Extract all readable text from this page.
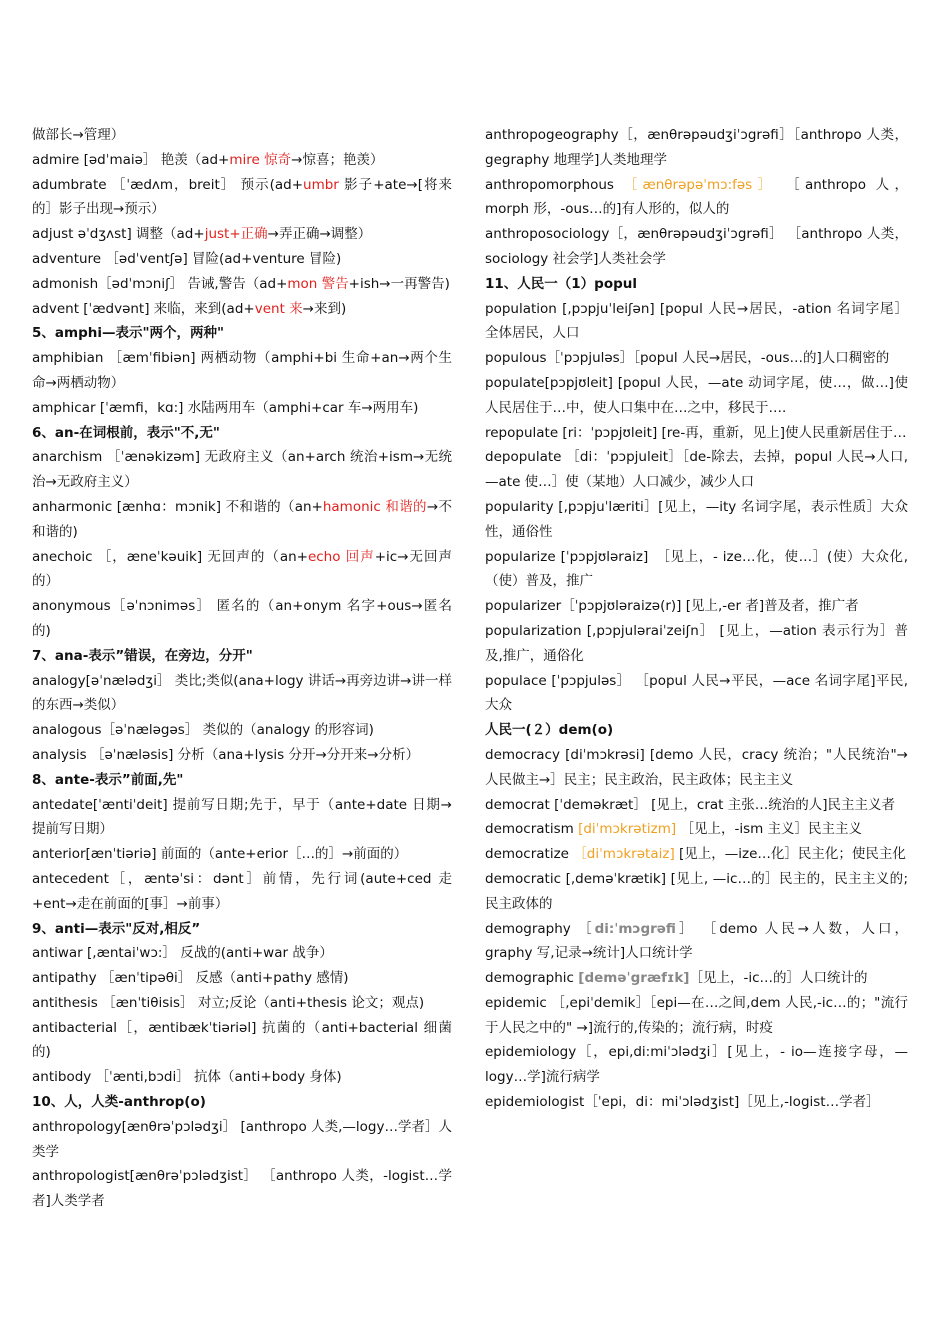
做部长→管理）

admire [ədˈmaiə］ 艳羡（ad+mire 惊奇→惊喜；艳羡）

adumbrate ［ˈædʌm，breit］ 预示(ad+umbr 影子+ate→[将来的］影子出现→预示）

adjust əˈdʒʌst] 调整（ad+just+正确→弄正确→调整）

adventure ［ədˈventʃə] 冒险(ad+venture 冒险)

admonish［ədˈmɔniʃ］ 告诫,警告（ad+mon 警告+ish→一再警告)

advent [ˈædvənt] 来临，来到(ad+vent 来→来到)

5、amphi—表示"两个，两种"

amphibian ［æmˈfibiən] 两栖动物（amphi+bi 生命+an→两个生命→两栖动物）

amphicar [ˈæmfi，kɑ:] 水陆两用车（amphi+car 车→两用车)

6、an-在词根前，表示"不,无"

anarchism ［ˈænəkizəm] 无政府主义（an+arch 统治+ism→无统治→无政府主义）

anharmonic [ænhɑ：mɔnik] 不和谐的（an+hamonic 和谐的→不和谐的)

anechoic ［，æneˈkəuik] 无回声的（an+echo 回声+ic→无回声的）

anonymous［əˈnɔniməs］ 匿名的（an+onym 名字+ous→匿名的)

7、ana-表示”错误，在旁边，分开"

analogy[əˈnælədʒi］ 类比;类似(ana+logy 讲话→再旁边讲→讲一样的东西→类似）

analogous［əˈnæləgəs］ 类似的（analogy 的形容词)

analysis ［əˈnæləsis] 分析（ana+lysis 分开→分开来→分析）

8、ante-表示”前面,先"

antedate[ˈæntiˈdeit] 提前写日期;先于，早于（ante+date 日期→提前写日期）

anterior[ænˈtiəriə] 前面的（ante+erior［…的］→前面的）

antecedent［，æntəˈsi：dənt］前情，先行词(aute+ced 走+ent→走在前面的[事］→前事）

9、anti—表示"反对,相反”

antiwar [,æntaiˈwɔ:］ 反战的(anti+war 战争）

antipathy ［ænˈtipəθi］ 反感（anti+pathy 感情)

antithesis ［ænˈtiθisis］ 对立;反论（anti+thesis 论文；观点)

antibacterial［，æntibækˈtiəriəl] 抗菌的（anti+bacterial 细菌的)

antibody ［ˈænti,bɔdi］ 抗体（anti+body 身体)

10、人，人类-anthrop(o)

anthropology[ænθrəˈpɔlədʒi］ [anthropo 人类,—logy…学者］人类学

anthropologist[ænθrəˈpɔlədʒist］ ［anthropo 人类，-logist…学者]人类学者

anthropogeography［，ænθrəpəudʒiˈɔgrəfi］［anthropo 人类，gegraphy 地理学]人类地理学

anthropomorphous ［ænθrəpəˈmɔ:fəs］ ［anthropo 人，morph 形，-ous…的]有人形的，似人的

anthroposociology［，ænθrəpəudʒiˈɔgrəfi］ ［anthropo 人类，sociology 社会学]人类社会学

11、人民一（1）popul

population [,pɔpjuˈleiʃən] [popul 人民→居民，-ation 名词字尾］全体居民，人口

populous［ˈpɔpjuləs］［popul 人民→居民，-ous…的]人口稠密的

populate[pɔpjʊleit] [popul 人民，—ate 动词字尾，使…，做…]使人民居住于…中，使人口集中在…之中，移民于….

repopulate [ri：ˈpɔpjʊleit] [re-再，重新，见上]使人民重新居住于…

depopulate ［di：ˈpɔpjuleit］［de-除去，去掉，popul 人民→人口,—ate 使…］使（某地）人口减少，减少人口

popularity [,pɔpjuˈlæriti］[见上，—ity 名词字尾，表示性质］大众性，通俗性

popularize [ˈpɔpjʊləraiz]　［见上，- ize…化，使…］(使）大众化,（使）普及，推广

popularizer［ˈpɔpjʊləraizə(r)] [见上,-er 者]普及者，推广者

popularization [,pɔpjuləraiˈzeiʃn］ [见上，—ation 表示行为］普及,推广，通俗化

populace [ˈpɔpjuləs］ ［popul 人民→平民，—ace 名词字尾]平民,大众

人民一(２）dem(o)

democracy [diˈmɔkrəsi] [demo 人民，cracy 统治；"人民统治"→人民做主→］民主；民主政治，民主政体；民主主义

democrat [ˈdeməkræt］ [见上，crat 主张…统治的人]民主主义者

democratism [diˈmɔkrətizm] ［见上，-ism 主义］民主主义

democratize ［diˈmɔkrətaiz] [见上，—ize…化］民主化；使民主化

democratic [,deməˈkrætik] [见上, —ic…的］民主的，民主主义的;民主政体的

demography ［di:ˈmɔgrəfi］ ［demo 人民→人数，人口，graphy 写,记录→统计]人口统计学

demographic [deməˈgræfɪk]［见上，-ic…的］人口统计的

epidemic ［,epiˈdemik］［epi—在…之间,dem 人民,-ic…的；"流行于人民之中的" →]流行的,传染的；流行病，时疫

epidemiology［，epi,di:miˈɔlədʒi］[见上，- io—连接字母，—logy…学]流行病学

epidemiologist［ˈepi，di：miˈɔlədʒist]［见上,-logist…学者］
